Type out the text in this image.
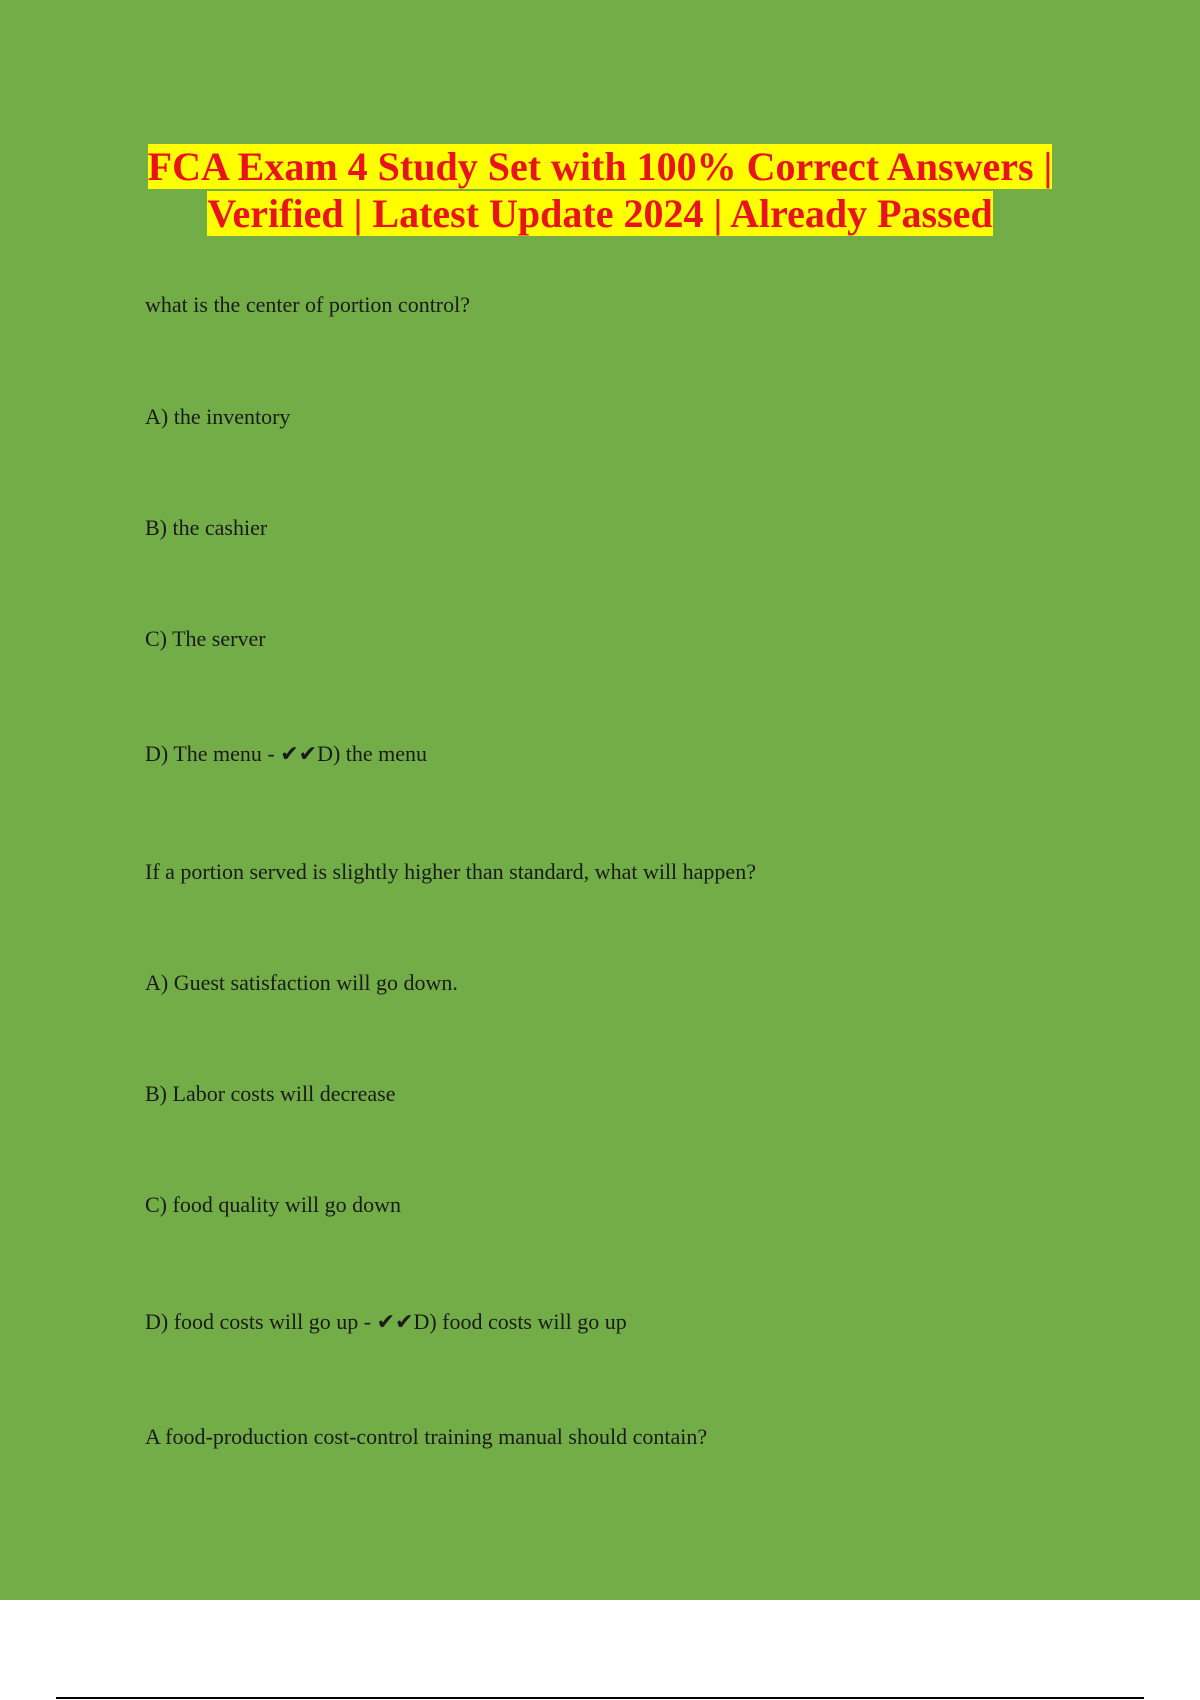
FCA Exam 4 Study Set with 100% Correct Answers |
Verified | Latest Update 2024 | Already Passed
what is the center of portion control?
A) the inventory
B) the cashier
C) The server
D) The menu - ✔✔D) the menu
If a portion served is slightly higher than standard, what will happen?
A) Guest satisfaction will go down.
B) Labor costs will decrease
C) food quality will go down
D) food costs will go up - ✔✔D) food costs will go up
A food-production cost-control training manual should contain?
